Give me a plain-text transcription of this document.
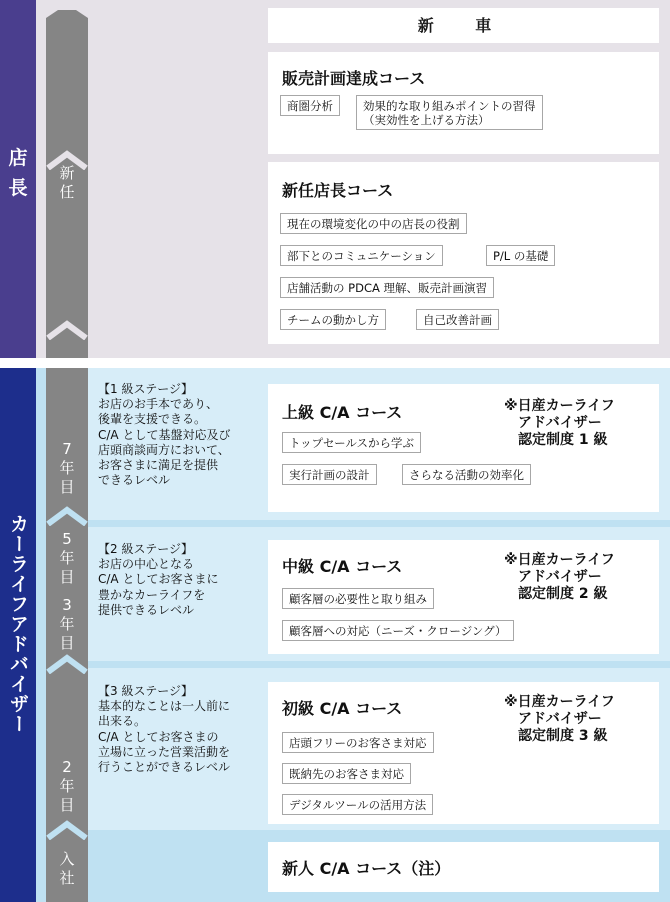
店
長
カーライフアドバイザー
新
任
7
年
目
5
年
目
3
年
目
2
年
目
入
社
【1 級ステージ】
お店のお手本であり、
後輩を支援できる。
C/A として基盤対応及び
店頭商談両方において、
お客さまに満足を提供
できるレベル
【2 級ステージ】
お店の中心となる
C/A としてお客さまに
豊かなカーライフを
提供できるレベル
【3 級ステージ】
基本的なことは一人前に
出来る。
C/A としてお客さまの
立場に立った営業活動を
行うことができるレベル
新 車
販売計画達成コース
商圏分析	効果的な取り組みポイントの習得
（実効性を上げる方法）
新任店長コース
現在の環境変化の中の店長の役割
部下とのコミュニケーション	P/L の基礎
店舗活動の PDCA 理解、販売計画演習
チームの動かし方	自己改善計画
上級 C/A コース	※日産カーライフ
　アドバイザー
　認定制度 1 級
トップセールスから学ぶ
実行計画の設計	さらなる活動の効率化
中級 C/A コース	※日産カーライフ
　アドバイザー
　認定制度 2 級
顧客層の必要性と取り組み
顧客層への対応（ニーズ・クロージング）
初級 C/A コース	※日産カーライフ
　アドバイザー
　認定制度 3 級
店頭フリーのお客さま対応
既納先のお客さま対応
デジタルツールの活用方法
新人 C/A コース（注）
